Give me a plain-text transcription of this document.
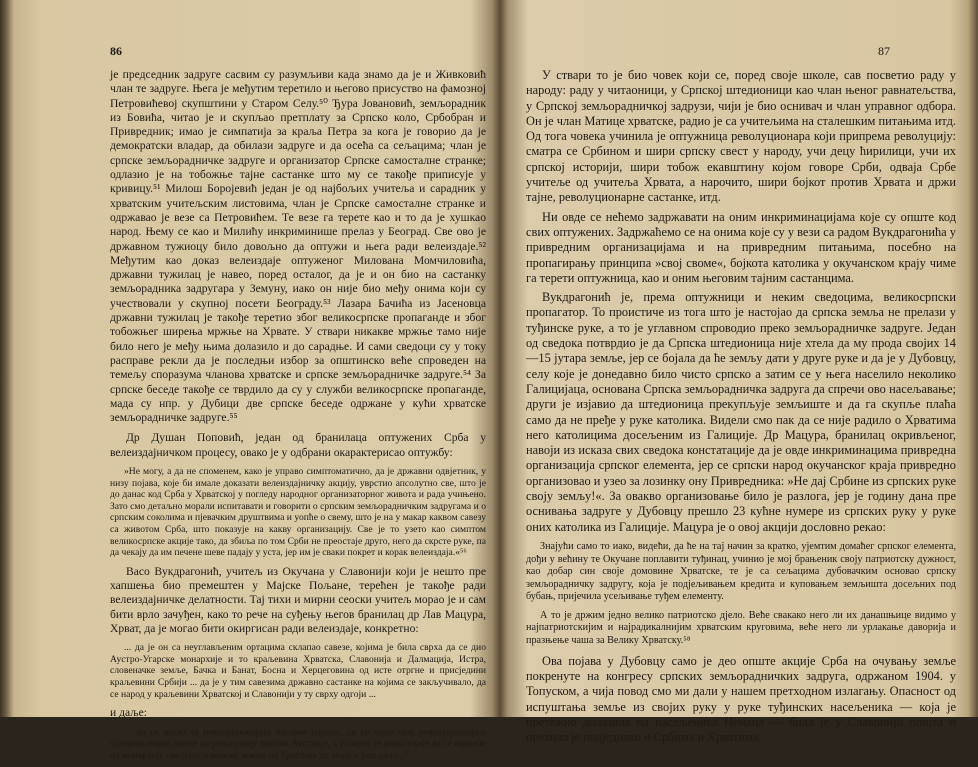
86

је председник задруге сасвим су разумљиви када знамо да је и Живковић члан те задруге. Њега је међутим теретило и његово присуство на фамозној Петровићевој скупштини у Старом Селу.⁵⁰ Ђура Јовановић, земљорадник из Бовића, читао је и скупљао претплату за Српско коло, Србобран и Привредник; имао је симпатија за краља Петра за кога је говорио да је демократски владар, да обилази задруге и да осећа са сељацима; члан је српске земљорадничке задруге и организатор Српске самосталне странке; одлазио је на тобожње тајне састанке што му се такође приписује у кривицу.⁵¹ Милош Боројевић један је од најбољих учитеља и сарадник у хрватским учитељским листовима, члан је Српске самосталне странке и одржавао је везе са Петровићем. Те везе га терете као и то да је хушкао народ. Њему се као и Милићу инкриминише прелаз у Београд. Све ово је државном тужиоцу било довољно да оптужи и њега ради велеиздаје.⁵² Међутим као доказ велеиздаје оптуженог Милована Момчиловића, државни тужилац је навео, поред осталог, да је и он био на састанку земљорадника задругара у Земуну, иако он није био међу онима који су учествовали у скупној посети Београду.⁵³ Лазара Бачића из Јасеновца државни тужилац је такође теретио због великосрпске пропаганде и због тобожњег ширења мржње на Хрвате. У ствари никакве мржње тамо није било него је међу њима долазило и до сарадње. И сами сведоци су у току расправе рекли да је последњи избор за општинско веће спроведен на темељу споразума чланова хрватске и српске земљорадничке задруге.⁵⁴ За српске беседе такође се тврдило да су у служби великосрпске пропаганде, мада су нпр. у Дубици две српске беседе одржане у кући хрватске земљорадничке задруге.⁵⁵

Др Душан Поповић, један од бранилаца оптужених Срба у велеиздајничком процесу, овако је у одбрани окарактерисао оптужбу:

»Не могу, а да не споменем, како је управо симптоматично, да је државни одвјетник, у низу појава, које би имале доказати велеиздајничку акцију, уврстио апсолутно све, што је до данас код Срба у Хрватској у погледу народног организаторног живота и рада учињено. Зато смо детаљно морали испитавати и говорити о српским земљорадничким задругама и о српским соколима и пјевачким друштвима и уопће о свему, што је на у макар каквом савезу са животом Срба, што показује на какву организацију. Све је то узето као симптом великосрпске акције тако, да збиља по том Срби не преостаје друго, него да скрсте руке, па да чекају да им печене шеве падају у уста, јер им је сваки покрет и корак велеиздаја.«⁵⁶

Васо Вукдрагонић, учитељ из Окучана у Славонији који је нешто пре хапшења био премештен у Мајске Пољане, терећен је такође ради велеиздајничке делатности. Тај тихи и мирни сеоски учитељ морао је и сам бити врло зачуђен, како то рече на суђењу његов бранилац др Лав Мацура, Хрват, да је могао бити окиргисан ради велеиздаје, конкретно:

... да је он са неуглављеним ортацима склапао савезе, којима је била сврха да се дио Аустро-Угарске монархије и то краљевина Хрватска, Славонија и Далмација, Истра, словеначке земље, Бачка и Банат, Босна и Херцеговина од исте отргне и присједини краљевини Србији ... да је у тим савезима државно састанке на којима се закључивало, да се народ у краљевини Хрватској и Славонији у ту сврху одгоји ...

и даље:

... да се шило за револуционарни одгојем народа, да се онда овај револуционарно одгојени народ дигне на револуцију против Аустрије, а услијед те револуције да се оцијепе од монархије све југословенске земље од Триглава до мора и још даље..⁵⁷

87

У ствари то је био човек који се, поред своје школе, сав посветио раду у народу: раду у читаоници, у Српској штедионици као члан њеног равнатељства, у Српској земљорадничкој задрузи, чији је био оснивач и члан управног одбора. Он је члан Матице хрватске, радио је са учитељима на сталешким питањима итд. Од тога човека учинила је оптужница револуционара који припрема револуцију: сматра се Србином и шири српску свест у народу, учи децу ћирилици, учи их српској историји, шири тобож екавштину којом говоре Срби, одваја Србе учитеље од учитеља Хрвата, а нарочито, шири бојкот против Хрвата и држи тајне, револуционарне састанке, итд.

Ни овде се нећемо задржавати на оним инкриминацијама које су опште код свих оптужених. Задржаћемо се на онима које су у вези са радом Вукдрагонића у привредним организацијама и на привредним питањима, посебно на пропагирању принципа »свој своме«, бојкота католика у окучанском крају чиме га терети оптужница, као и оним његовим тајним састанцима.

Вукдрагонић је, према оптужници и неким сведоцима, великосрпски пропагатор. То проистиче из тога што је настојао да српска земља не прелази у туђинске руке, а то је углавном спроводио преко земљорадничке задруге. Један од сведока потврдио је да Српска штедионица није хтела да му прода својих 14—15 јутара земље, јер се бојала да ће земљу дати у друге руке и да је у Дубовцу, селу које је донедавно било чисто српско а затим се у њега населило неколико Галицијаца, основана Српска земљорадничка задруга да спречи ово насељавање; други је изјавио да штедионица прекупљује земљиште и да га скупље плаћа само да не пређе у руке католика. Видели смо пак да се није радило о Хрватима него католицима досељеним из Галиције. Др Мацура, бранилац окривљеног, навоји из исказа свих сведока констатације да је овде инкриминацима привредна организација српског елемента, јер се српски народ окучанског краја привредно организовао и узео за лозинку ону Привредника: »Не дај Србине из српских руке своју земљу!«. За овакво организовање било је разлога, јер је годину дана пре оснивања задруге у Дубовцу прешло 23 кућне нумере из српских руку у руке оних католика из Галиције. Мацура је о овој акцији дословно рекао:

Знајући само то иако, видећи, да ће на тај начин за кратко, ујемтим домаћег српског елемента, дођи у већину те Окучане поплавити туђинац, учинио је мој брањеник своју патриотску дужност, као добар син своје домовине Хрватске, те је са сељацима дубовачким основао српску земљорадничку задругу, која је подјељивањем кредита и куповањем земљишта досељних под бубањ, пријечила усељивање туђем елементу.

А то је држим једно велико патриотско дјело. Веће свакако него ли их данашњице видимо у најпатриотскијим и најрадикалнијим хрватским круговима, веће него ли урлакање даворија и празњење чаша за Велику Хрватску.⁵⁸

Ова појава у Дубовцу само је део опште акције Срба на очувању земље покренуте на конгресу српских земљорадничких задруга, одржаном 1904. у Топуском, а чија повод смо ми дали у нашем претходном излагању. Опасност од испуштања земље из својих руку у руке туђинских насељеника — која је претежно долазила од насељеника Немаца — била је у Славонији општа и претила је подједнако и Србима и Хрватима.
